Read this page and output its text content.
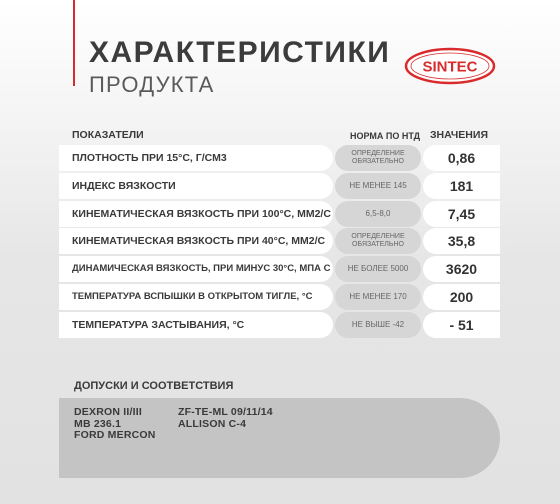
ХАРАКТЕРИСТИКИ
ПРОДУКТА
SINTEC
ПОКАЗАТЕЛИ	НОРМА ПО НТД ЗНАЧЕНИЯ
ПЛОТНОСТЬ ПРИ 15°С, Г/СМ3	ОПРЕДЕЛЕНИЕ ОБЯЗАТЕЛЬНО	0,86
ИНДЕКС ВЯЗКОСТИ	НЕ МЕНЕЕ 145	181
КИНЕМАТИЧЕСКАЯ ВЯЗКОСТЬ ПРИ 100°С, ММ2/С	6,5-8,0	7,45
КИНЕМАТИЧЕСКАЯ ВЯЗКОСТЬ ПРИ 40°С, ММ2/С	ОПРЕДЕЛЕНИЕ ОБЯЗАТЕЛЬНО	35,8
ДИНАМИЧЕСКАЯ ВЯЗКОСТЬ, ПРИ МИНУС 30°С, МПА С	НЕ БОЛЕЕ 5000	3620
ТЕМПЕРАТУРА ВСПЫШКИ В ОТКРЫТОМ ТИГЛЕ, °С	НЕ МЕНЕЕ 170	200
ТЕМПЕРАТУРА ЗАСТЫВАНИЯ, °С	НЕ ВЫШЕ -42	- 51
ДОПУСКИ И СООТВЕТСТВИЯ
DEXRON II/III
MB 236.1
FORD MERCON
ZF-TE-ML 09/11/14
ALLISON C-4
